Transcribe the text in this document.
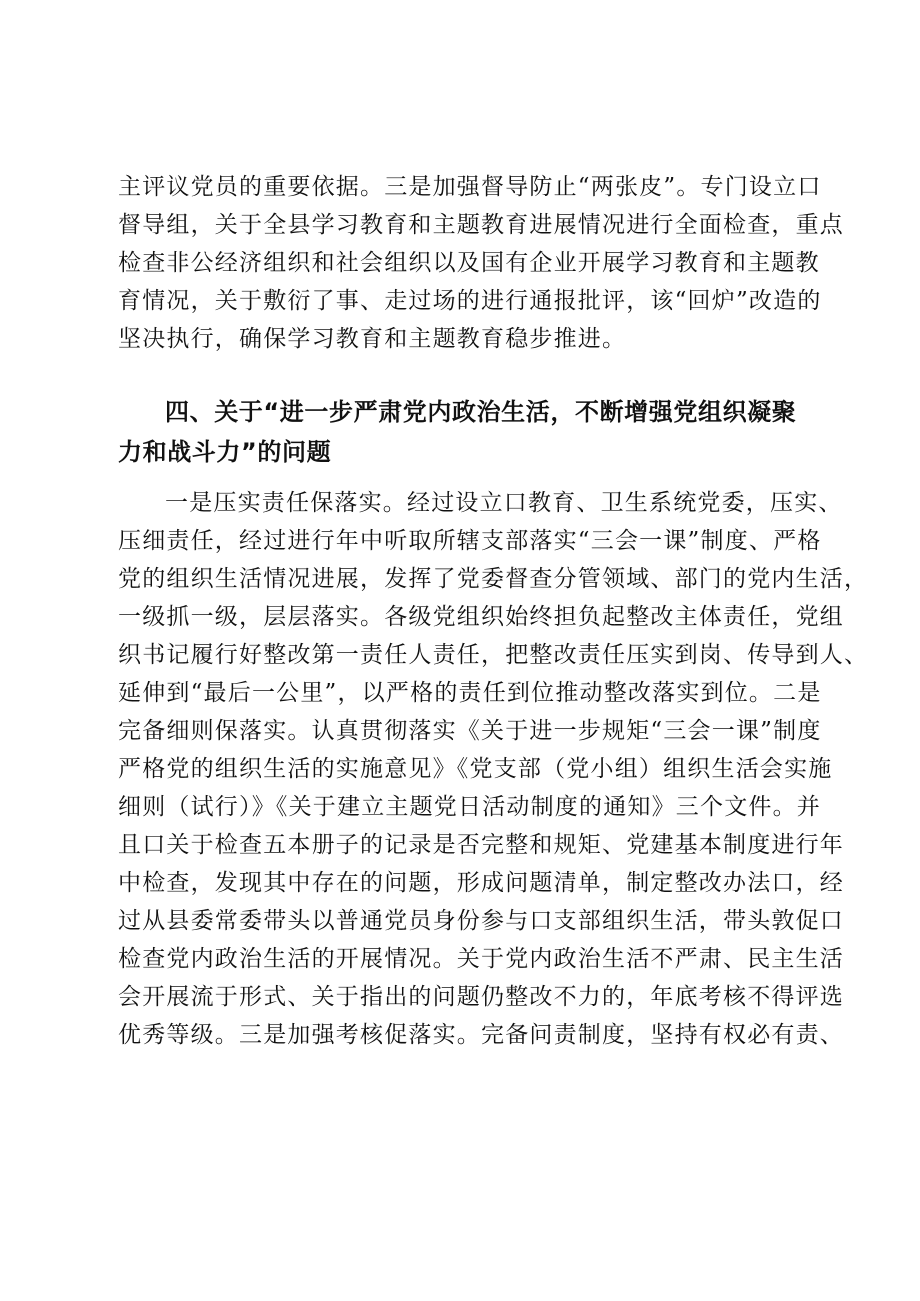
主评议党员的重要依据。三是加强督导防止“两张皮”。专门设立口
督导组，关于全县学习教育和主题教育进展情况进行全面检查，重点
检查非公经济组织和社会组织以及国有企业开展学习教育和主题教
育情况，关于敷衍了事、走过场的进行通报批评，该“回炉”改造的
坚决执行，确保学习教育和主题教育稳步推进。
四、关于“进一步严肃党内政治生活，不断增强党组织凝聚
力和战斗力”的问题
一是压实责任保落实。经过设立口教育、卫生系统党委，压实、
压细责任，经过进行年中听取所辖支部落实“三会一课”制度、严格
党的组织生活情况进展，发挥了党委督查分管领域、部门的党内生活，
一级抓一级，层层落实。各级党组织始终担负起整改主体责任，党组
织书记履行好整改第一责任人责任，把整改责任压实到岗、传导到人、
延伸到“最后一公里”，以严格的责任到位推动整改落实到位。二是
完备细则保落实。认真贯彻落实《关于进一步规矩“三会一课”制度
严格党的组织生活的实施意见》《党支部（党小组）组织生活会实施
细则（试行）》《关于建立主题党日活动制度的通知》三个文件。并
且口关于检查五本册子的记录是否完整和规矩、党建基本制度进行年
中检查，发现其中存在的问题，形成问题清单，制定整改办法口，经
过从县委常委带头以普通党员身份参与口支部组织生活，带头敦促口
检查党内政治生活的开展情况。关于党内政治生活不严肃、民主生活
会开展流于形式、关于指出的问题仍整改不力的，年底考核不得评选
优秀等级。三是加强考核促落实。完备问责制度，坚持有权必有责、
